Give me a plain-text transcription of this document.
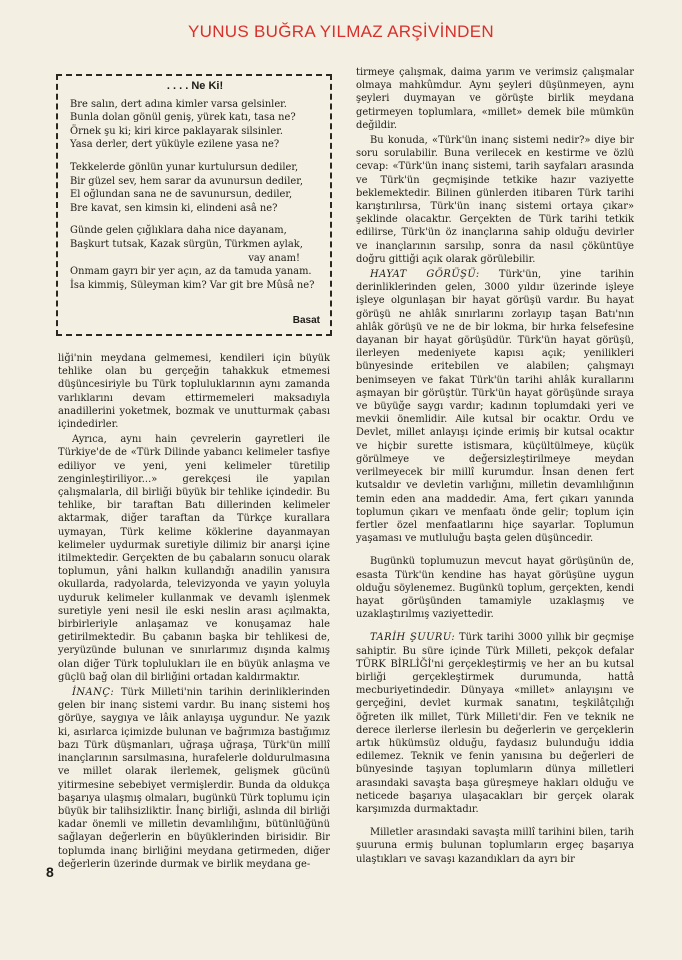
YUNUS BUĞRA YILMAZ ARŞİVİNDEN
. . . . Ne Ki!
Bre salın, dert adına kimler varsa gelsinler.
Bunla dolan gönül geniş, yürek katı, tasa ne?
Örnek şu ki; kiri kirce paklayarak silsinler.
Yasa derler, dert yüküyle ezilene yasa ne?
Tekkelerde gönlün yunar kurtulursun dediler,
Bir güzel sev, hem sarar da avunursun dediler,
El oğlundan sana ne de savunursun, dediler,
Bre kavat, sen kimsin ki, elindeni asâ ne?
Günde gelen çığlıklara daha nice dayanam,
Başkurt tutsak, Kazak sürgün, Türkmen aylak,
vay anam!
Onmam gayrı bir yer açın, az da tamuda yanam.
İsa kimmiş, Süleyman kim? Var git bre Mûsâ ne?
Basat

liği'nin meydana gelmemesi, kendileri için büyük tehlike olan bu gerçeğin tahakkuk etmemesi düşüncesiriyle bu Türk topluluklarının aynı zamanda varlıklarını devam ettirmemeleri maksadıyla anadillerini yoketmek, bozmak ve unutturmak çabası içindedirler.

Ayrıca, aynı hain çevrelerin gayretleri ile Türkiye'de de «Türk Dilinde yabancı kelimeler tasfiye ediliyor ve yeni, yeni kelimeler türetilip zenginleştiriliyor...» gerekçesi ile yapılan çalışmalarla, dil birliği büyük bir tehlike içindedir. Bu tehlike, bir taraftan Batı dillerinden kelimeler aktarmak, diğer taraftan da Türkçe kurallara uymayan, Türk kelime köklerine dayanmayan kelimeler uydurmak suretiyle dilimiz bir anarşi içine itilmektedir. Gerçekten de bu çabaların sonucu olarak toplumun, yâni halkın kullandığı anadilin yanısıra okullarda, radyolarda, televizyonda ve yayın yoluyla uyduruk kelimeler kullanmak ve devamlı işlenmek suretiyle yeni nesil ile eski neslin arası açılmakta, birbirleriyle anlaşamaz ve konuşamaz hale getirilmektedir. Bu çabanın başka bir tehlikesi de, yeryüzünde bulunan ve sınırlarımız dışında kalmış olan diğer Türk toplulukları ile en büyük anlaşma ve güçlü bağ olan dil birliğini ortadan kaldırmaktır.

İNANÇ: Türk Milleti'nin tarihin derinliklerinden gelen bir inanç sistemi vardır. Bu inanç sistemi hoş görüye, saygıya ve lâik anlayışa uygundur. Ne yazık ki, asırlarca içimizde bulunan ve bağrımıza bastığımız bazı Türk düşmanları, uğraşa uğraşa, Türk'ün millî inançlarının sarsılmasına, hurafelerle doldurulmasına ve millet olarak ilerlemek, gelişmek gücünü yitirmesine sebebiyet vermişlerdir. Bunda da oldukça başarıya ulaşmış olmaları, bugünkü Türk toplumu için büyük bir talihsizliktir. İnanç birliği, aslında dil birliği kadar önemli ve milletin devamlılığını, bütünlüğünü sağlayan değerlerin en büyüklerinden birisidir. Bir toplumda inanç birliğini meydana getirmeden, diğer değerlerin üzerinde durmak ve birlik meydana ge-

tirmeye çalışmak, daima yarım ve verimsiz çalışmalar olmaya mahkûmdur. Aynı şeyleri düşünmeyen, aynı şeyleri duymayan ve görüşte birlik meydana getirmeyen toplumlara, «millet» demek bile mümkün değildir.

Bu konuda, «Türk'ün inanç sistemi nedir?» diye bir soru sorulabilir. Buna verilecek en kestirme ve özlü cevap: «Türk'ün inanç sistemi, tarih sayfaları arasında ve Türk'ün geçmişinde tetkike hazır vaziyette beklemektedir. Bilinen günlerden itibaren Türk tarihi karıştırılırsa, Türk'ün inanç sistemi ortaya çıkar» şeklinde olacaktır. Gerçekten de Türk tarihi tetkik edilirse, Türk'ün öz inançlarına sahip olduğu devirler ve inançlarının sarsılıp, sonra da nasıl çöküntüye doğru gittiği açık olarak görülebilir.

HAYAT GÖRÜŞÜ: Türk'ün, yine tarihin derinliklerinden gelen, 3000 yıldır üzerinde işleye işleye olgunlaşan bir hayat görüşü vardır. Bu hayat görüşü ne ahlâk sınırlarını zorlayıp taşan Batı'nın ahlâk görüşü ve ne de bir lokma, bir hırka felsefesine dayanan bir hayat görüşüdür. Türk'ün hayat görüşü, ilerleyen medeniyete kapısı açık; yenilikleri bünyesinde eritebilen ve alabilen; çalışmayı benimseyen ve fakat Türk'ün tarihi ahlâk kurallarını aşmayan bir görüştür. Türk'ün hayat görüşünde sıraya ve büyüğe saygı vardır; kadının toplumdaki yeri ve mevkii önemlidir. Aile kutsal bir ocaktır. Ordu ve Devlet, millet anlayışı içinde erimiş bir kutsal ocaktır ve hiçbir surette istismara, küçültülmeye, küçük görülmeye ve değersizleştirilmeye meydan verilmeyecek bir millî kurumdur. İnsan denen fert kutsaldır ve devletin varlığını, milletin devamlılığının temin eden ana maddedir. Ama, fert çıkarı yanında toplumun çıkarı ve menfaatı önde gelir; toplum için fertler özel menfaatlarını hiçe sayarlar. Toplumun yaşaması ve mutluluğu başta gelen düşüncedir.

Bugünkü toplumuzun mevcut hayat görüşünün de, esasta Türk'ün kendine has hayat görüşüne uygun olduğu söylenemez. Bugünkü toplum, gerçekten, kendi hayat görüşünden tamamiyle uzaklaşmış ve uzaklaştırılmış vaziyettedir.

TARİH ŞUURU: Türk tarihi 3000 yıllık bir geçmişe sahiptir. Bu süre içinde Türk Milleti, pekçok defalar TÜRK BİRLİĞİ'ni gerçekleştirmiş ve her an bu kutsal birliği gerçekleştirmek durumunda, hattâ mecburiyetindedir. Dünyaya «millet» anlayışını ve gerçeğini, devlet kurmak sanatını, teşkilâtçılığı öğreten ilk millet, Türk Milleti'dir. Fen ve teknik ne derece ilerlerse ilerlesin bu değerlerin ve gerçeklerin artık hükümsüz olduğu, faydasız bulunduğu iddia edilemez. Teknik ve fenin yanısına bu değerleri de bünyesinde taşıyan toplumların dünya milletleri arasındaki savaşta başa güreşmeye hakları olduğu ve neticede başarıya ulaşacakları bir gerçek olarak karşımızda durmaktadır.

Milletler arasındaki savaşta millî tarihini bilen, tarih şuuruna ermiş bulunan toplumların ergeç başarıya ulaştıkları ve savaşı kazandıkları da ayrı bir

8
